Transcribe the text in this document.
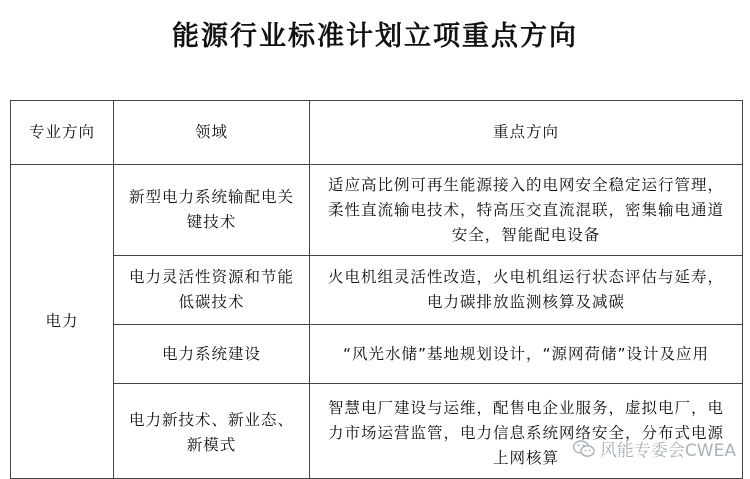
能源行业标准计划立项重点方向
专业方向	领域	重点方向
电力	新型电力系统输配电关键技术	适应高比例可再生能源接入的电网安全稳定运行管理，柔性直流输电技术，特高压交直流混联，密集输电通道安全，智能配电设备
	电力灵活性资源和节能低碳技术	火电机组灵活性改造，火电机组运行状态评估与延寿，电力碳排放监测核算及减碳
	电力系统建设	“风光水储”基地规划设计，“源网荷储”设计及应用
	电力新技术、新业态、新模式	智慧电厂建设与运维，配售电企业服务，虚拟电厂，电力市场运营监管，电力信息系统网络安全，分布式电源上网核算 风能专委会CWEA
